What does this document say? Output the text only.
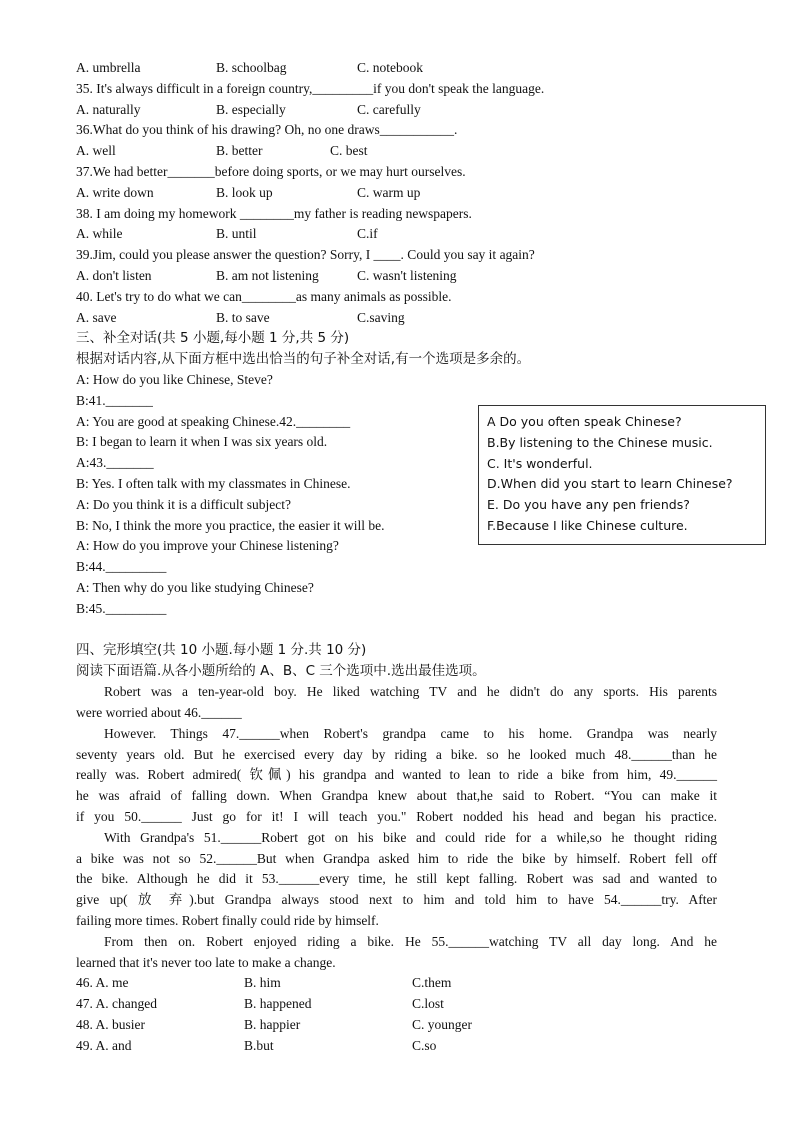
A. umbrella	B. schoolbag	C. notebook
35. It's always difficult in a foreign country,_________if you don't speak the language.
A. naturally	B. especially	C. carefully
36.What do you think of his drawing? Oh, no one draws___________.
A. well	B. better	C. best
37.We had better_______before doing sports, or we may hurt ourselves.
A. write down	B. look up	C. warm up
38. I am doing my homework ________my father is reading newspapers.
A. while	B. until	C.if
39.Jim, could you please answer the question? Sorry, I ____. Could you say it again?
A. don't listen	B. am not listening	C. wasn't listening
40. Let's try to do what we can________as many animals as possible.
A. save	B. to save	C.saving
三、补全对话(共 5 小题,每小题 1 分,共 5 分)
根据对话内容,从下面方框中选出恰当的句子补全对话,有一个选项是多余的。
A: How do you like Chinese, Steve?
B:41._______
A: You are good at speaking Chinese.42.________
B: I began to learn it when I was six years old.
A:43._______
B: Yes. I often talk with my classmates in Chinese.
A: Do you think it is a difficult subject?
B: No, I think the more you practice, the easier it will be.
A: How do you improve your Chinese listening?
B:44._________
A: Then why do you like studying Chinese?
B:45._________
A Do you often speak Chinese?
B.By listening to the Chinese music.
C. It's wonderful.
D.When did you start to learn Chinese?
E. Do you have any pen friends?
F.Because I like Chinese culture.
四、完形填空(共 10 小题.每小题 1 分.共 10 分)
阅读下面语篇.从各小题所给的 A、B、C 三个选项中.选出最佳选项。
Robert was a ten-year-old boy. He liked watching TV and he didn't do any sports. His parents
were worried about 46.______
However. Things 47.______when Robert's grandpa came to his home. Grandpa was nearly
seventy years old. But he exercised every day by riding a bike. so he looked much 48.______than he
really was. Robert admired( 钦佩) his grandpa and wanted to lean to ride a bike from him, 49.______
he was afraid of falling down. When Grandpa knew about that,he said to Robert. “You can make it
if you 50.______ Just go for it! I will teach you." Robert nodded his head and began his practice.
With Grandpa's 51.______Robert got on his bike and could ride for a while,so he thought riding
a bike was not so 52.______But when Grandpa asked him to ride the bike by himself. Robert fell off
the bike. Although he did it 53.______every time, he still kept falling. Robert was sad and wanted to
give up( 放 弃).but Grandpa always stood next to him and told him to have 54.______try. After
failing more times. Robert finally could ride by himself.
From then on. Robert enjoyed riding a bike. He 55.______watching TV all day long. And he
learned that it's never too late to make a change.
46. A. me	B. him	C.them
47. A. changed	B. happened	C.lost
48. A. busier	B. happier	C. younger
49. A. and	B.but	C.so
